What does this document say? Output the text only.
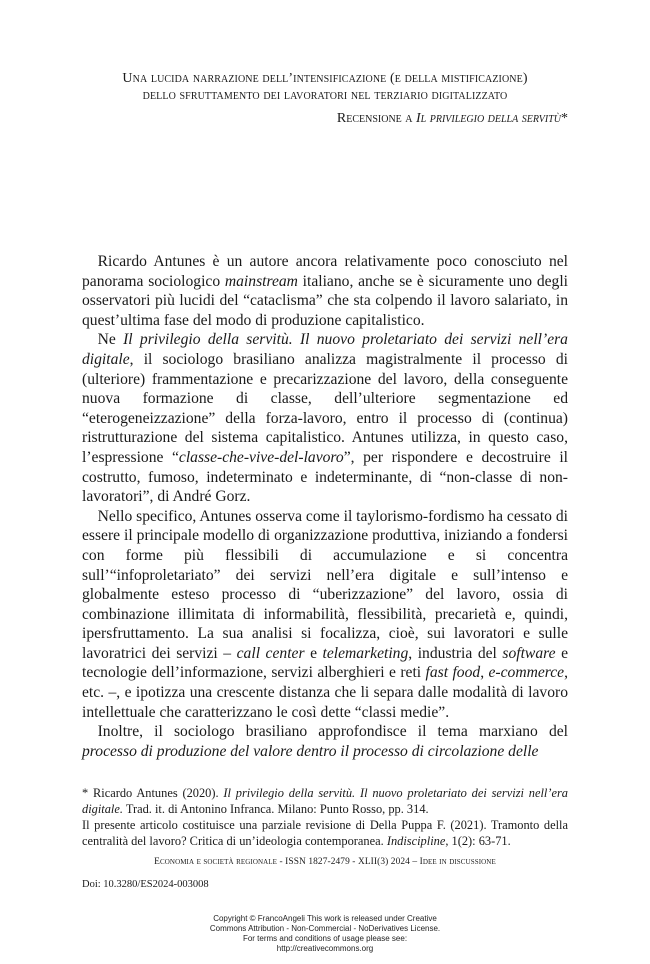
Una lucida narrazione dell’intensificazione (e della mistificazione)
dello sfruttamento dei lavoratori nel terziario digitalizzato
Recensione a Il privilegio della servitù*

 Ricardo Antunes è un autore ancora relativamente poco conosciuto nel panorama sociologico mainstream italiano, anche se è sicuramente uno degli osservatori più lucidi del “cataclisma” che sta colpendo il lavoro salariato, in quest’ultima fase del modo di produzione capitalistico.

 Ne Il privilegio della servitù. Il nuovo proletariato dei servizi nell’era digitale, il sociologo brasiliano analizza magistralmente il processo di (ulteriore) frammentazione e precarizzazione del lavoro, della conseguente nuova formazione di classe, dell’ulteriore segmentazione ed “eterogeneizzazione” della forza-lavoro, entro il processo di (continua) ristrutturazione del sistema capitalistico. Antunes utilizza, in questo caso, l’espressione “classe-che-vive-del-lavoro”, per rispondere e decostruire il costrutto, fumoso, indeterminato e indeterminante, di “non-classe di non-lavoratori”, di André Gorz.

 Nello specifico, Antunes osserva come il taylorismo-fordismo ha cessato di essere il principale modello di organizzazione produttiva, iniziando a fondersi con forme più flessibili di accumulazione e si concentra sull’“infoproletariato” dei servizi nell’era digitale e sull’intenso e globalmente esteso processo di “uberizzazione” del lavoro, ossia di combinazione illimitata di informabilità, flessibilità, precarietà e, quindi, ipersfruttamento. La sua analisi si focalizza, cioè, sui lavoratori e sulle lavoratrici dei servizi – call center e telemarketing, industria del software e tecnologie dell’informazione, servizi alberghieri e reti fast food, e-commerce, etc. –, e ipotizza una crescente distanza che li separa dalle modalità di lavoro intellettuale che caratterizzano le così dette “classi medie”.

 Inoltre, il sociologo brasiliano approfondisce il tema marxiano del processo di produzione del valore dentro il processo di circolazione delle

* Ricardo Antunes (2020). Il privilegio della servitù. Il nuovo proletariato dei servizi nell’era digitale. Trad. it. di Antonino Infranca. Milano: Punto Rosso, pp. 314.

Il presente articolo costituisce una parziale revisione di Della Puppa F. (2021). Tramonto della centralità del lavoro? Critica di un’ideologia contemporanea. Indiscipline, 1(2): 63-71.

Economia e società regionale - ISSN 1827-2479 - XLII(3) 2024 – Idee in discussione
Doi: 10.3280/ES2024-003008
Copyright © FrancoAngeli This work is released under Creative
Commons Attribution - Non-Commercial - NoDerivatives License.
For terms and conditions of usage please see:
http://creativecommons.org
